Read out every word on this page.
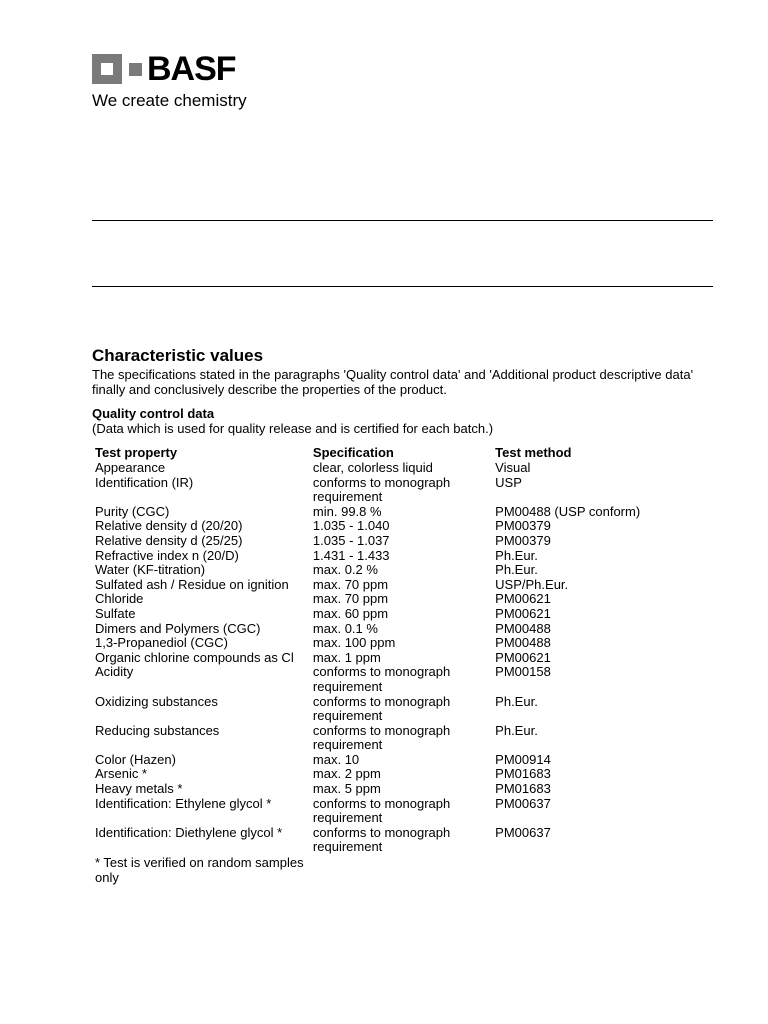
BASF
We create chemistry
Characteristic values
The specifications stated in the paragraphs 'Quality control data' and 'Additional product descriptive data' finally and conclusively describe the properties of the product.
Quality control data
(Data which is used for quality release and is certified for each batch.)
Test property	Specification	Test method
Appearance	clear, colorless liquid	Visual
Identification (IR)	conforms to monograph requirement	USP
Purity (CGC)	min. 99.8 %	PM00488 (USP conform)
Relative density d (20/20)	1.035 - 1.040	PM00379
Relative density d (25/25)	1.035 - 1.037	PM00379
Refractive index n (20/D)	1.431 - 1.433	Ph.Eur.
Water (KF-titration)	max. 0.2 %	Ph.Eur.
Sulfated ash / Residue on ignition	max. 70 ppm	USP/Ph.Eur.
Chloride	max. 70 ppm	PM00621
Sulfate	max. 60 ppm	PM00621
Dimers and Polymers (CGC)	max. 0.1 %	PM00488
1,3-Propanediol (CGC)	max. 100 ppm	PM00488
Organic chlorine compounds as Cl	max. 1 ppm	PM00621
Acidity	conforms to monograph requirement	PM00158
Oxidizing substances	conforms to monograph requirement	Ph.Eur.
Reducing substances	conforms to monograph requirement	Ph.Eur.
Color (Hazen)	max. 10	PM00914
Arsenic *	max. 2 ppm	PM01683
Heavy metals *	max. 5 ppm	PM01683
Identification: Ethylene glycol *	conforms to monograph requirement	PM00637
Identification: Diethylene glycol *	conforms to monograph requirement	PM00637
* Test is verified on random samples only
